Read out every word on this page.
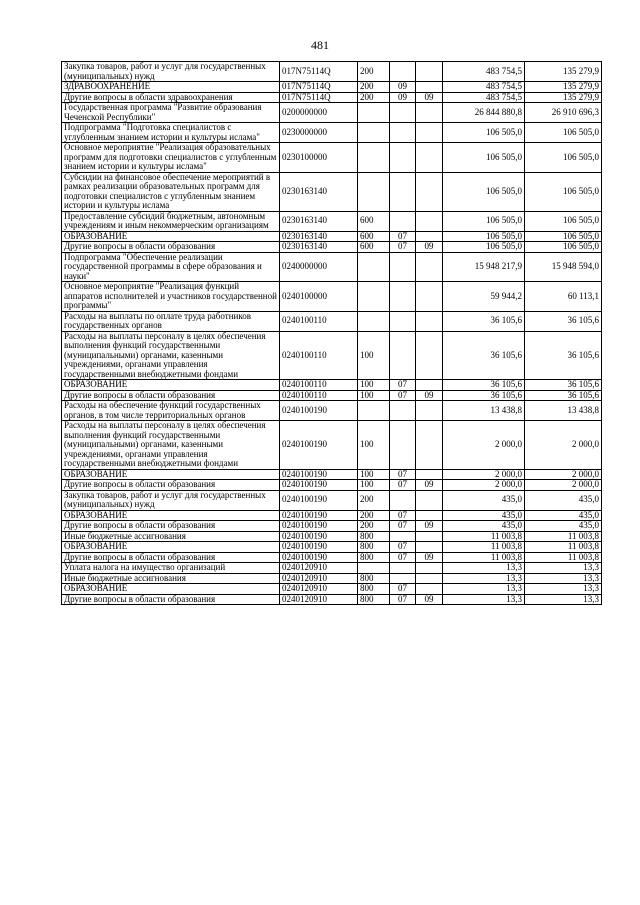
481
Закупка товаров, работ и услуг для государственных (муниципальных) нужд	017N75114Q	200			483 754,5	135 279,9
ЗДРАВООХРАНЕНИЕ	017N75114Q	200	09		483 754,5	135 279,9
Другие вопросы в области здравоохранения	017N75114Q	200	09	09	483 754,5	135 279,9
Государственная программа "Развитие образования Чеченской Республики"	0200000000				26 844 880,8	26 910 696,3
Подпрограмма "Подготовка специалистов с углубленным знанием истории и культуры ислама"	0230000000				106 505,0	106 505,0
Основное мероприятие "Реализация образовательных программ для подготовки специалистов с углубленным знанием истории и культуры ислама"	0230100000				106 505,0	106 505,0
Субсидии на финансовое обеспечение мероприятий в рамках реализации образовательных программ для подготовки специалистов с углубленным знанием истории и культуры ислама	0230163140				106 505,0	106 505,0
Предоставление субсидий бюджетным, автономным учреждениям и иным некоммерческим организациям	0230163140	600			106 505,0	106 505,0
ОБРАЗОВАНИЕ	0230163140	600	07		106 505,0	106 505,0
Другие вопросы в области образования	0230163140	600	07	09	106 505,0	106 505,0
Подпрограмма "Обеспечение реализации государственной программы в сфере образования и науки"	0240000000				15 948 217,9	15 948 594,0
Основное мероприятие "Реализация функций аппаратов исполнителей и участников государственной программы"	0240100000				59 944,2	60 113,1
Расходы на выплаты по оплате труда работников государственных органов	0240100110				36 105,6	36 105,6
Расходы на выплаты персоналу в целях обеспечения выполнения функций государственными (муниципальными) органами, казенными учреждениями, органами управления государственными внебюджетными фондами	0240100110	100			36 105,6	36 105,6
ОБРАЗОВАНИЕ	0240100110	100	07		36 105,6	36 105,6
Другие вопросы в области образования	0240100110	100	07	09	36 105,6	36 105,6
Расходы на обеспечение функций государственных органов, в том числе территориальных органов	0240100190				13 438,8	13 438,8
Расходы на выплаты персоналу в целях обеспечения выполнения функций государственными (муниципальными) органами, казенными учреждениями, органами управления государственными внебюджетными фондами	0240100190	100			2 000,0	2 000,0
ОБРАЗОВАНИЕ	0240100190	100	07		2 000,0	2 000,0
Другие вопросы в области образования	0240100190	100	07	09	2 000,0	2 000,0
Закупка товаров, работ и услуг для государственных (муниципальных) нужд	0240100190	200			435,0	435,0
ОБРАЗОВАНИЕ	0240100190	200	07		435,0	435,0
Другие вопросы в области образования	0240100190	200	07	09	435,0	435,0
Иные бюджетные ассигнования	0240100190	800			11 003,8	11 003,8
ОБРАЗОВАНИЕ	0240100190	800	07		11 003,8	11 003,8
Другие вопросы в области образования	0240100190	800	07	09	11 003,8	11 003,8
Уплата налога на имущество организаций	0240120910				13,3	13,3
Иные бюджетные ассигнования	0240120910	800			13,3	13,3
ОБРАЗОВАНИЕ	0240120910	800	07		13,3	13,3
Другие вопросы в области образования	0240120910	800	07	09	13,3	13,3
